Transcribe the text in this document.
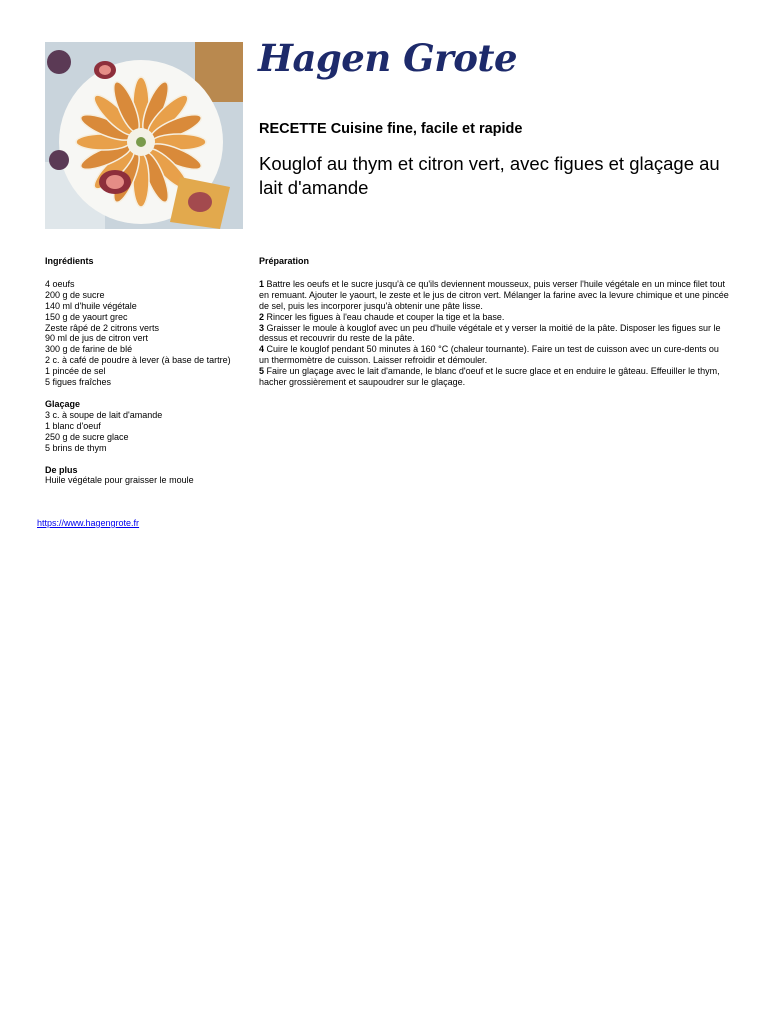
Hagen Grote
RECETTE Cuisine fine, facile et rapide
Kouglof au thym et citron vert, avec figues et glaçage au lait d'amande

Ingrédients

4 oeufs
200 g de sucre
140 ml d'huile végétale
150 g de yaourt grec
Zeste râpé de 2 citrons verts
90 ml de jus de citron vert
300 g de farine de blé
2 c. à café de poudre à lever (à base de tartre)
1 pincée de sel
5 figues fraîches

Glaçage

3 c. à soupe de lait d'amande
1 blanc d'oeuf
250 g de sucre glace
5 brins de thym

De plus

Huile végétale pour graisser le moule

Préparation

1 Battre les oeufs et le sucre jusqu'à ce qu'ils deviennent mousseux, puis verser l'huile végétale en un mince filet tout en remuant. Ajouter le yaourt, le zeste et le jus de citron vert. Mélanger la farine avec la levure chimique et une pincée de sel, puis les incorporer jusqu'à obtenir une pâte lisse.

2 Rincer les figues à l'eau chaude et couper la tige et la base.

3 Graisser le moule à kouglof avec un peu d'huile végétale et y verser la moitié de la pâte. Disposer les figues sur le dessus et recouvrir du reste de la pâte.

4 Cuire le kouglof pendant 50 minutes à 160 °C (chaleur tournante). Faire un test de cuisson avec un cure-dents ou un thermomètre de cuisson. Laisser refroidir et démouler.

5 Faire un glaçage avec le lait d'amande, le blanc d'oeuf et le sucre glace et en enduire le gâteau. Effeuiller le thym, hacher grossièrement et saupoudrer sur le glaçage.

https://www.hagengrote.fr
